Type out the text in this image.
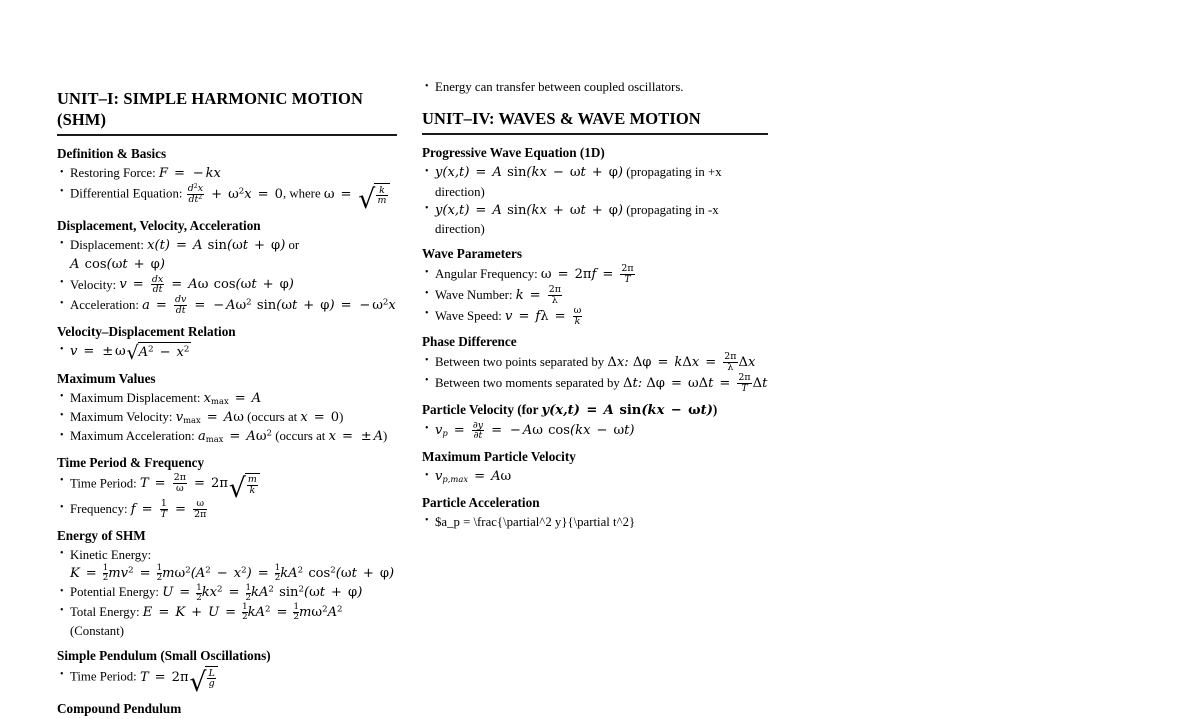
UNIT–I: SIMPLE HARMONIC MOTION
(SHM)
Definition & Basics
• Restoring Force: F = − kx
• Differential Equation: $\frac{d^2x}{dt^2} + \omega^2x = 0$, where ω = √ $\frac{k}{m}$
Displacement, Velocity, Acceleration
• Displacement: x(t) = A sin(ωt + φ) or A cos(ωt + φ)
• Velocity: $v = \frac{dx}{dt} = A\omega$ cos(ωt + φ)
• Acceleration: $a = \frac{dv}{dt}$ = − $A\omega^2$ sin(ωt + φ) = − $\omega^2x$
Velocity–Displacement Relation
• v = ± $\omega√A^2 - x^2$
Maximum Values
• Maximum Displacement: $x_{max} = A$
• Maximum Velocity: $v_{max} = A\omega$ (occurs at x = 0)
• Maximum Acceleration: $a_{max} = A\omega^2$ (occurs at x = ± A)
Time Period & Frequency
• Time Period: $T = \frac{2\pi}{\omega} = 2\pi√ \frac{m}{k}$
• Frequency: $f = \frac{1}{T} = \frac{\omega}{2\pi}$
Energy of SHM
• Kinetic Energy: $K = \frac{1}{2} mv^2 = \frac{1}{2} m\omega^2(A^2 - x^2) = \frac{1}{2} kA^2$ $\cos^2(\omega t + \varphi)$
• Potential Energy: $U = \frac{1}{2} kx^2 = \frac{1}{2} kA^2$ $\sin^2(\omega t + \varphi)$
• Total Energy: $E = K + U = \frac{1}{2} kA^2 = \frac{1}{2} m\omega^2A^2$ (Constant)
Simple Pendulum (Small Oscillations)
• Time Period: $T = 2\pi√ \frac{L}{g}$
Compound Pendulum
• Energy can transfer between coupled oscillators.
UNIT–IV: WAVES & WAVE MOTION
Progressive Wave Equation (1D)
• y(x,t) = A sin(kx − ωt + φ) (propagating in +x direction)
• y(x,t) = A sin(kx + ωt + φ) (propagating in -x direction)
Wave Parameters
• Angular Frequency: $\omega = 2\pi f = \frac{2\pi}{T}$
• Wave Number: $k = \frac{2\pi}{\lambda}$
• Wave Speed: $v = f\lambda = \frac{\omega}{k}$
Phase Difference
• Between two points separated by Δx: $\Delta\varphi = k\Delta x = \frac{2\pi}{\lambda}$ Δx
• Between two moments separated by Δt: $\Delta\varphi = \omega\Delta t = \frac{2\pi}{T}$ Δt
Particle Velocity (for y(x,t) = A sin(kx − ωt))
• $v_p = \frac{\partial y}{\partial t}$ = − Aω cos(kx − ωt)
Maximum Particle Velocity
• $v_{p,max} = A\omega$
Particle Acceleration
• $a_p = \frac{\partial^2 y}{\partial t^2}
